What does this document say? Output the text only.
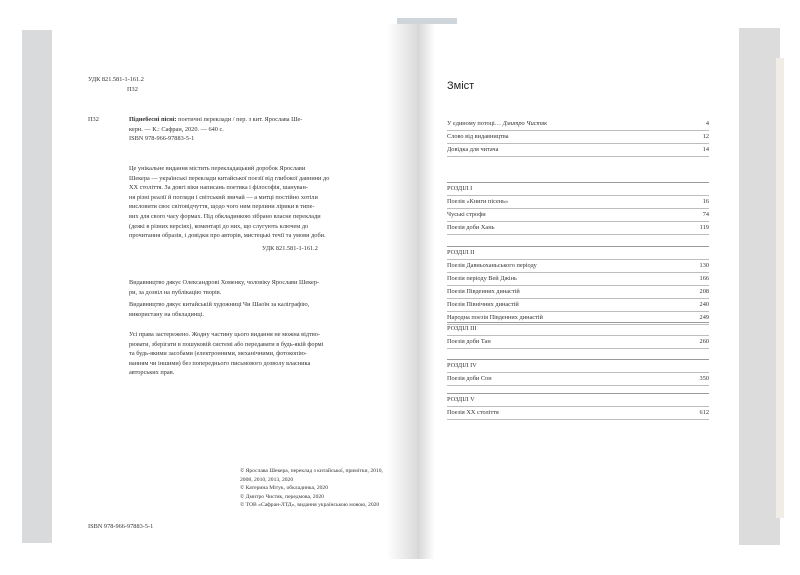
УДК 821.581-1-161.2
П32
П32	Піднебесні пісні: поетичні переклади / пер. з кит. Ярослава Ше-
керн. — К.: Сафран, 2020. — 640 с.
ISBN 978-966-97883-5-1
Це унікальне видання містить перекладацький доробок Ярослави
Шекера — українські переклади китайської поезії від глибокої давнини до
XX століття. За довгі віки написань поетика і філософія, шануван-
ня різні реалії й погляди і світський звичай — а митці постійно хотіли
висловити своє світовідчуття, щодо чого ним перлини лірики в типе-
вих для свого часу формах. Під обкладинкою зібрано власне переклади
(деякі в різних версіях), коментарі до них, що слугують ключем до
прочитання образів, і довідки про авторів, мистецькі течії та умови доби.
УДК 821.581-1-161.2
Видавництво дякує Олександрові Хоменку, чоловіку Ярослави Шекер-
ри, за дозвіл на публікацію творів.
Видавництво дякує китайській художниці Чи Шаоїн за каліграфію,
використану на обкладинці.
Усі права застережено. Жодну частину цього видання не можна відтво-
рювати, зберігати в пошуковій системі або передавати в будь-якій формі
та будь-якими засобами (електронними, механічними, фотокопію-
ванням чи іншими) без попереднього письмового дозволу власника
авторських прав.
ISBN 978-966-97883-5-1
© Ярослава Шекера, переклад з китайської, примітки, 2010,
2008, 2010, 2013, 2020
© Катерина Мітук, обкладинка, 2020
© Дмитро Чистяк, передмова, 2020
© ТОВ «Сафран-ЛТД», видання українською мовою, 2020
Зміст
У єдиному потоці… Дмитро Чистяк	4
Слово від видавництва	12
Довідка для читача	14
РОЗДІЛ I
Поезія «Книги пісень»	16
Чуські строфи	74
Поезія доби Хань	119
РОЗДІЛ II
Поезія Давньоханьського періоду	130
Поезія періоду Вей Джінь	166
Поезія Південних династій	208
Поезія Північних династій	240
Народна поезія Південних династій	249
РОЗДІЛ III
Поезія доби Тан	260
РОЗДІЛ IV
Поезія доби Сон	350
РОЗДІЛ V
Поезія XX століття	612
